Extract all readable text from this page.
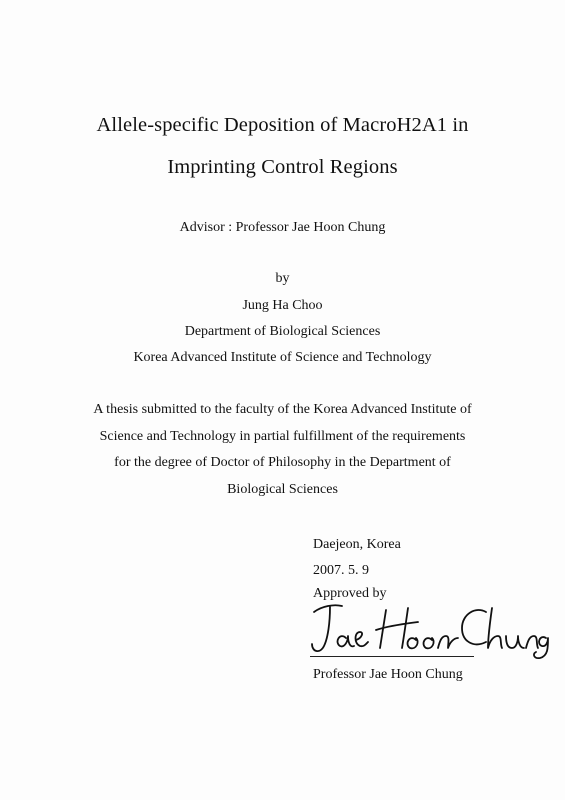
Allele-specific Deposition of MacroH2A1 in
Imprinting Control Regions
Advisor : Professor Jae Hoon Chung
by
Jung Ha Choo
Department of Biological Sciences
Korea Advanced Institute of Science and Technology
A thesis submitted to the faculty of the Korea Advanced Institute of
Science and Technology in partial fulfillment of the requirements
for the degree of Doctor of Philosophy in the Department of
Biological Sciences
Daejeon, Korea
2007. 5. 9
Approved by
Professor Jae Hoon Chung
